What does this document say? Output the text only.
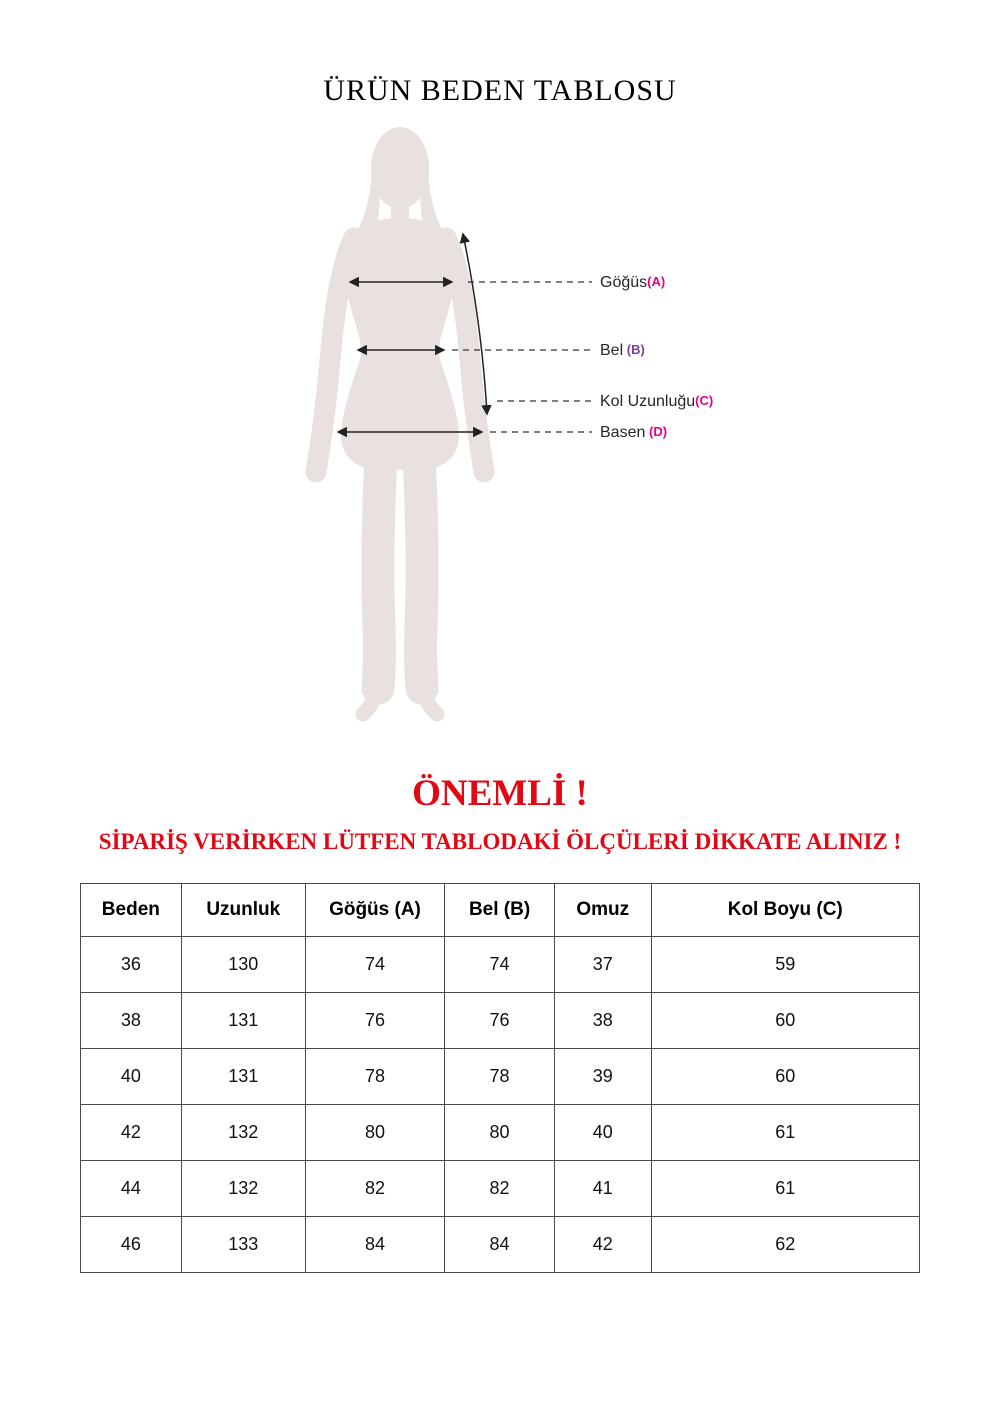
ÜRÜN BEDEN TABLOSU
Göğüs(A)
Bel (B)
Kol Uzunluğu(C)
Basen (D)
ÖNEMLİ !
SİPARİŞ VERİRKEN LÜTFEN TABLODAKİ ÖLÇÜLERİ DİKKATE ALINIZ !
Beden	Uzunluk	Göğüs (A)	Bel (B)	Omuz	Kol Boyu (C)
36	130	74	74	37	59
38	131	76	76	38	60
40	131	78	78	39	60
42	132	80	80	40	61
44	132	82	82	41	61
46	133	84	84	42	62
